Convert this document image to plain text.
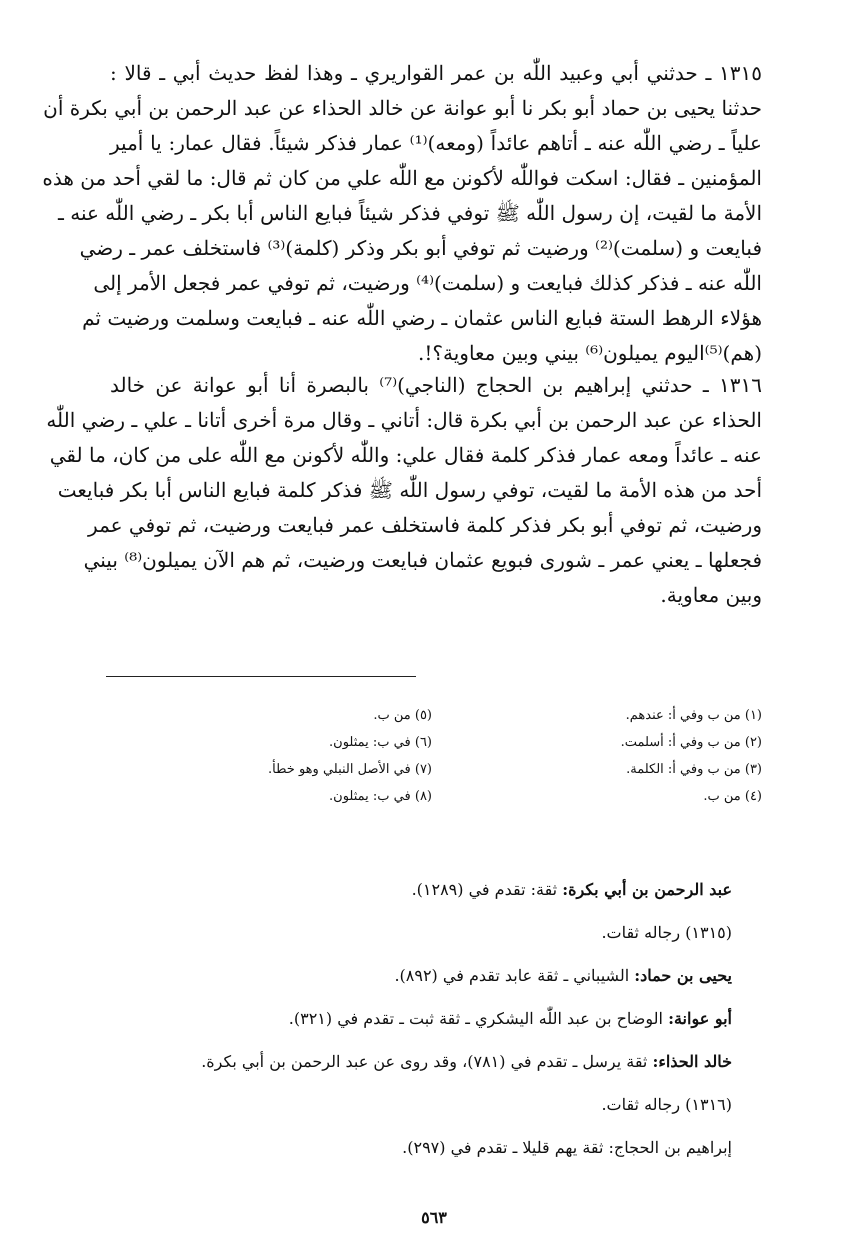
١٣١٥ ـ حدثني أبي وعبيد اللّٰه بن عمر القواريري ـ وهذا لفظ حديث أبي ـ قالا :
حدثنا يحيى بن حماد أبو بكر نا أبو عوانة عن خالد الحذاء عن عبد الرحمن بن أبي بكرة أن
علياً ـ رضي اللّٰه عنه ـ أتاهم عائداً (ومعه)⁽¹⁾ عمار فذكر شيئاً. فقال عمار: يا أمير
المؤمنين ـ فقال: اسكت فواللّٰه لأكونن مع اللّٰه علي من كان ثم قال: ما لقي أحد من هذه
الأمة ما لقيت، إن رسول اللّٰه ﷺ توفي فذكر شيئاً فبايع الناس أبا بكر ـ رضي اللّٰه عنه ـ
فبايعت و (سلمت)⁽²⁾ ورضيت ثم توفي أبو بكر وذكر (كلمة)⁽³⁾ فاستخلف عمر ـ رضي
اللّٰه عنه ـ فذكر كذلك فبايعت و (سلمت)⁽⁴⁾ ورضيت، ثم توفي عمر فجعل الأمر إلى
هؤلاء الرهط الستة فبايع الناس عثمان ـ رضي اللّٰه عنه ـ فبايعت وسلمت ورضيت ثم
(هم)⁽⁵⁾اليوم يميلون⁽⁶⁾ بيني وبين معاوية؟!.
١٣١٦ ـ حدثني إبراهيم بن الحجاج (الناجي)⁽⁷⁾ بالبصرة أنا أبو عوانة عن خالد
الحذاء عن عبد الرحمن بن أبي بكرة قال: أتاني ـ وقال مرة أخرى أتانا ـ علي ـ رضي اللّٰه
عنه ـ عائداً ومعه عمار فذكر كلمة فقال علي: واللّٰه لأكونن مع اللّٰه على من كان، ما لقي
أحد من هذه الأمة ما لقيت، توفي رسول اللّٰه ﷺ فذكر كلمة فبايع الناس أبا بكر فبايعت
ورضيت، ثم توفي أبو بكر فذكر كلمة فاستخلف عمر فبايعت ورضيت، ثم توفي عمر
فجعلها ـ يعني عمر ـ شورى فبويع عثمان فبايعت ورضيت، ثم هم الآن يميلون⁽⁸⁾ بيني
وبين معاوية.
(١) من ب وفي أ: عندهم.
(٢) من ب وفي أ: أسلمت.
(٣) من ب وفي أ: الكلمة.
(٤) من ب.
(٥) من ب.
(٦) في ب: يمثلون.
(٧) في الأصل النبلي وهو خطأ.
(٨) في ب: يمثلون.
عبد الرحمن بن أبي بكرة: ثقة: تقدم في (١٢٨٩).
(١٣١٥) رجاله ثقات.
يحيى بن حماد: الشيباني ـ ثقة عابد تقدم في (٨٩٢).
أبو عوانة: الوضاح بن عبد اللّٰه اليشكري ـ ثقة ثبت ـ تقدم في (٣٢١).
خالد الحذاء: ثقة يرسل ـ تقدم في (٧٨١)، وقد روى عن عبد الرحمن بن أبي بكرة.
(١٣١٦) رجاله ثقات.
إبراهيم بن الحجاج: ثقة يهم قليلا ـ تقدم في (٢٩٧).
٥٦٣
